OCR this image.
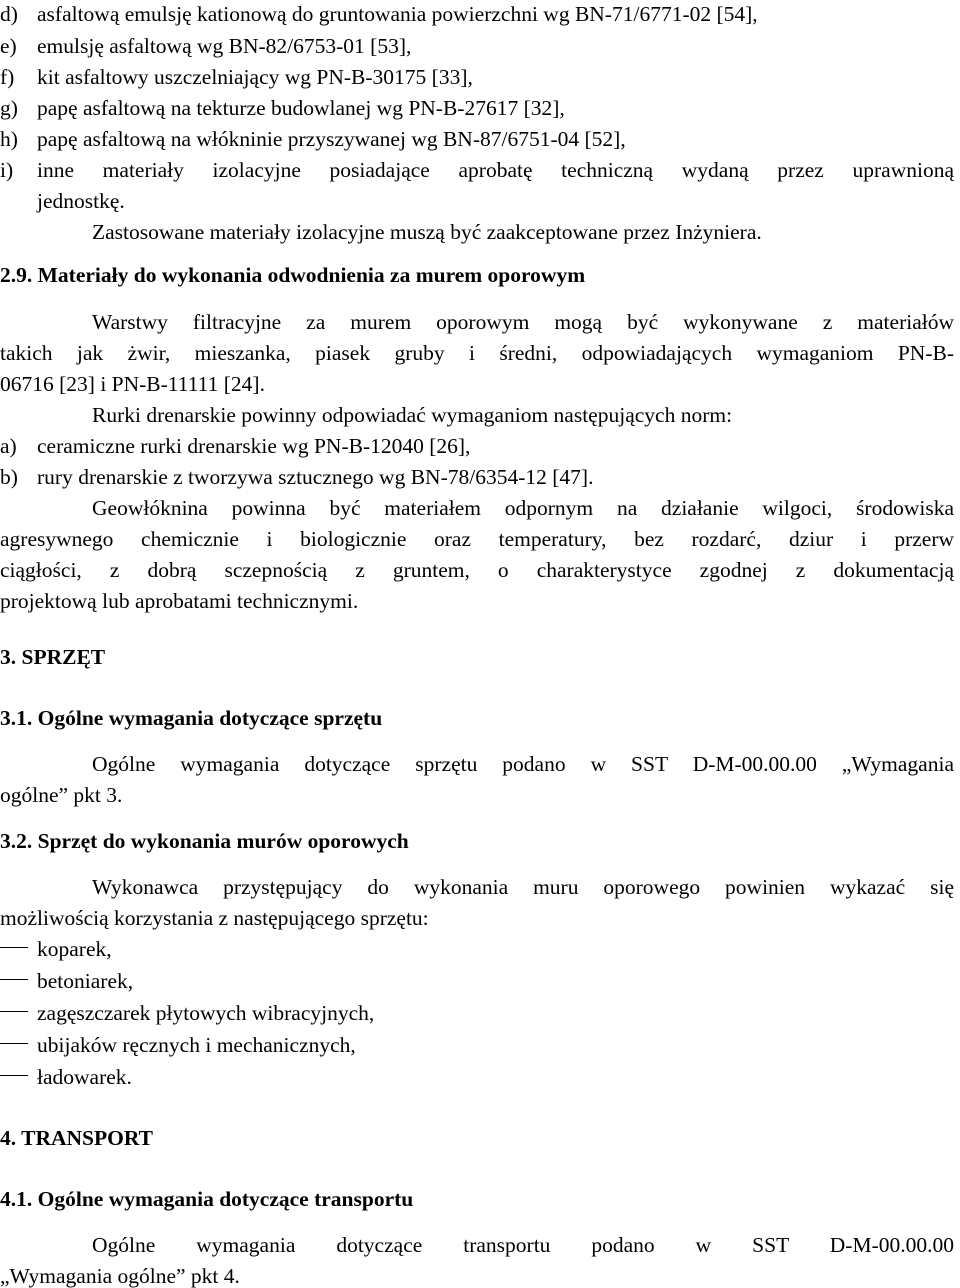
d) asfaltową emulsję kationową do gruntowania powierzchni wg BN-71/6771-02 [54],
e) emulsję asfaltową wg BN-82/6753-01 [53],
f) kit asfaltowy uszczelniający wg PN-B-30175 [33],
g) papę asfaltową na tekturze budowlanej wg PN-B-27617 [32],
h) papę asfaltową na włókninie przyszywanej wg BN-87/6751-04 [52],
i) inne materiały izolacyjne posiadające aprobatę techniczną wydaną przez uprawnioną
jednostkę.
Zastosowane materiały izolacyjne muszą być zaakceptowane przez Inżyniera.
2.9. Materiały do wykonania odwodnienia za murem oporowym
Warstwy filtracyjne za murem oporowym mogą być wykonywane z materiałów
takich jak żwir, mieszanka, piasek gruby i średni, odpowiadających wymaganiom PN-B-
06716 [23] i PN-B-11111 [24].
Rurki drenarskie powinny odpowiadać wymaganiom następujących norm:
a) ceramiczne rurki drenarskie wg PN-B-12040 [26],
b) rury drenarskie z tworzywa sztucznego wg BN-78/6354-12 [47].
Geowłóknina powinna być materiałem odpornym na działanie wilgoci, środowiska
agresywnego chemicznie i biologicznie oraz temperatury, bez rozdarć, dziur i przerw
ciągłości, z dobrą sczepnością z gruntem, o charakterystyce zgodnej z dokumentacją
projektową lub aprobatami technicznymi.
3. SPRZĘT
3.1. Ogólne wymagania dotyczące sprzętu
Ogólne wymagania dotyczące sprzętu podano w SST D-M-00.00.00 „Wymagania
ogólne” pkt 3.
3.2. Sprzęt do wykonania murów oporowych
Wykonawca przystępujący do wykonania muru oporowego powinien wykazać się
możliwością korzystania z następującego sprzętu:
koparek,
betoniarek,
zagęszczarek płytowych wibracyjnych,
ubijaków ręcznych i mechanicznych,
ładowarek.
4. TRANSPORT
4.1. Ogólne wymagania dotyczące transportu
Ogólne wymagania dotyczące transportu podano w SST D-M-00.00.00
„Wymagania ogólne” pkt 4.
